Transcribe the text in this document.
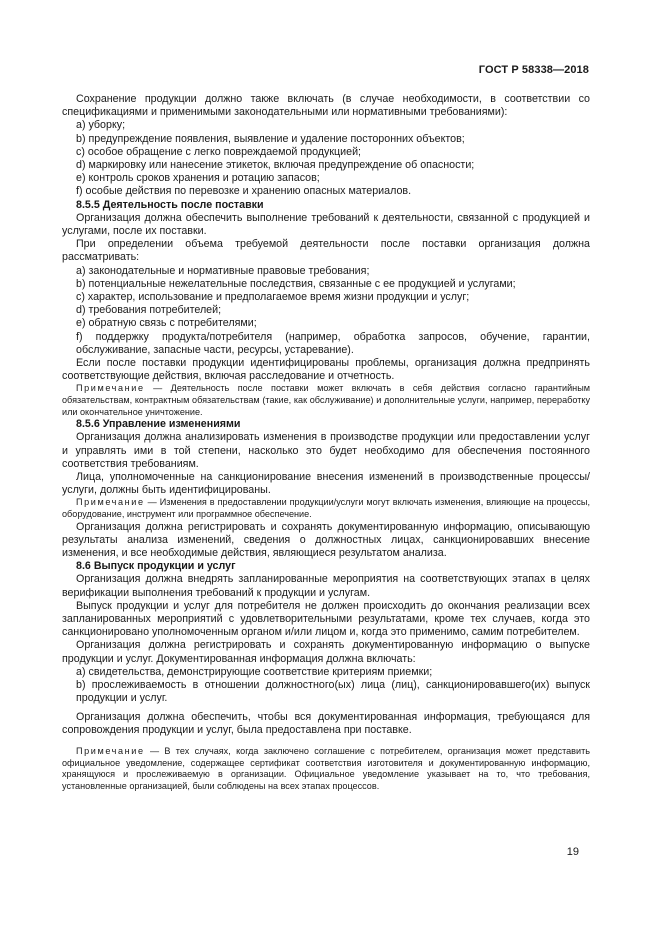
ГОСТ Р 58338—2018

Сохранение продукции должно также включать (в случае необходимости, в соответствии со спецификациями и применимыми законодательными или нормативными требованиями):

a) уборку;

b) предупреждение появления, выявление и удаление посторонних объектов;

c) особое обращение с легко повреждаемой продукцией;

d) маркировку или нанесение этикеток, включая предупреждение об опасности;

e) контроль сроков хранения и ротацию запасов;

f) особые действия по перевозке и хранению опасных материалов.

8.5.5 Деятельность после поставки

Организация должна обеспечить выполнение требований к деятельности, связанной с продукцией и услугами, после их поставки.

При определении объема требуемой деятельности после поставки организация должна рассматривать:

a) законодательные и нормативные правовые требования;

b) потенциальные нежелательные последствия, связанные с ее продукцией и услугами;

c) характер, использование и предполагаемое время жизни продукции и услуг;

d) требования потребителей;

e) обратную связь с потребителями;

f) поддержку продукта/потребителя (например, обработка запросов, обучение, гарантии, обслуживание, запасные части, ресурсы, устаревание).

Если после поставки продукции идентифицированы проблемы, организация должна предпринять соответствующие действия, включая расследование и отчетность.

Примечание — Деятельность после поставки может включать в себя действия согласно гарантийным обязательствам, контрактным обязательствам (такие, как обслуживание) и дополнительные услуги, например, переработку или окончательное уничтожение.

8.5.6 Управление изменениями

Организация должна анализировать изменения в производстве продукции или предоставлении услуг и управлять ими в той степени, насколько это будет необходимо для обеспечения постоянного соответствия требованиям.

Лица, уполномоченные на санкционирование внесения изменений в производственные процессы/услуги, должны быть идентифицированы.

Примечание — Изменения в предоставлении продукции/услуги могут включать изменения, влияющие на процессы, оборудование, инструмент или программное обеспечение.

Организация должна регистрировать и сохранять документированную информацию, описывающую результаты анализа изменений, сведения о должностных лицах, санкционировавших внесение изменения, и все необходимые действия, являющиеся результатом анализа.

8.6 Выпуск продукции и услуг

Организация должна внедрять запланированные мероприятия на соответствующих этапах в целях верификации выполнения требований к продукции и услугам.

Выпуск продукции и услуг для потребителя не должен происходить до окончания реализации всех запланированных мероприятий с удовлетворительными результатами, кроме тех случаев, когда это санкционировано уполномоченным органом и/или лицом и, когда это применимо, самим потребителем.

Организация должна регистрировать и сохранять документированную информацию о выпуске продукции и услуг. Документированная информация должна включать:

a) свидетельства, демонстрирующие соответствие критериям приемки;

b) прослеживаемость в отношении должностного(ых) лица (лиц), санкционировавшего(их) выпуск продукции и услуг.

Организация должна обеспечить, чтобы вся документированная информация, требующаяся для сопровождения продукции и услуг, была предоставлена при поставке.

Примечание — В тех случаях, когда заключено соглашение с потребителем, организация может представить официальное уведомление, содержащее сертификат соответствия изготовителя и документированную информацию, хранящуюся и прослеживаемую в организации. Официальное уведомление указывает на то, что требования, установленные организацией, были соблюдены на всех этапах процессов.

19
